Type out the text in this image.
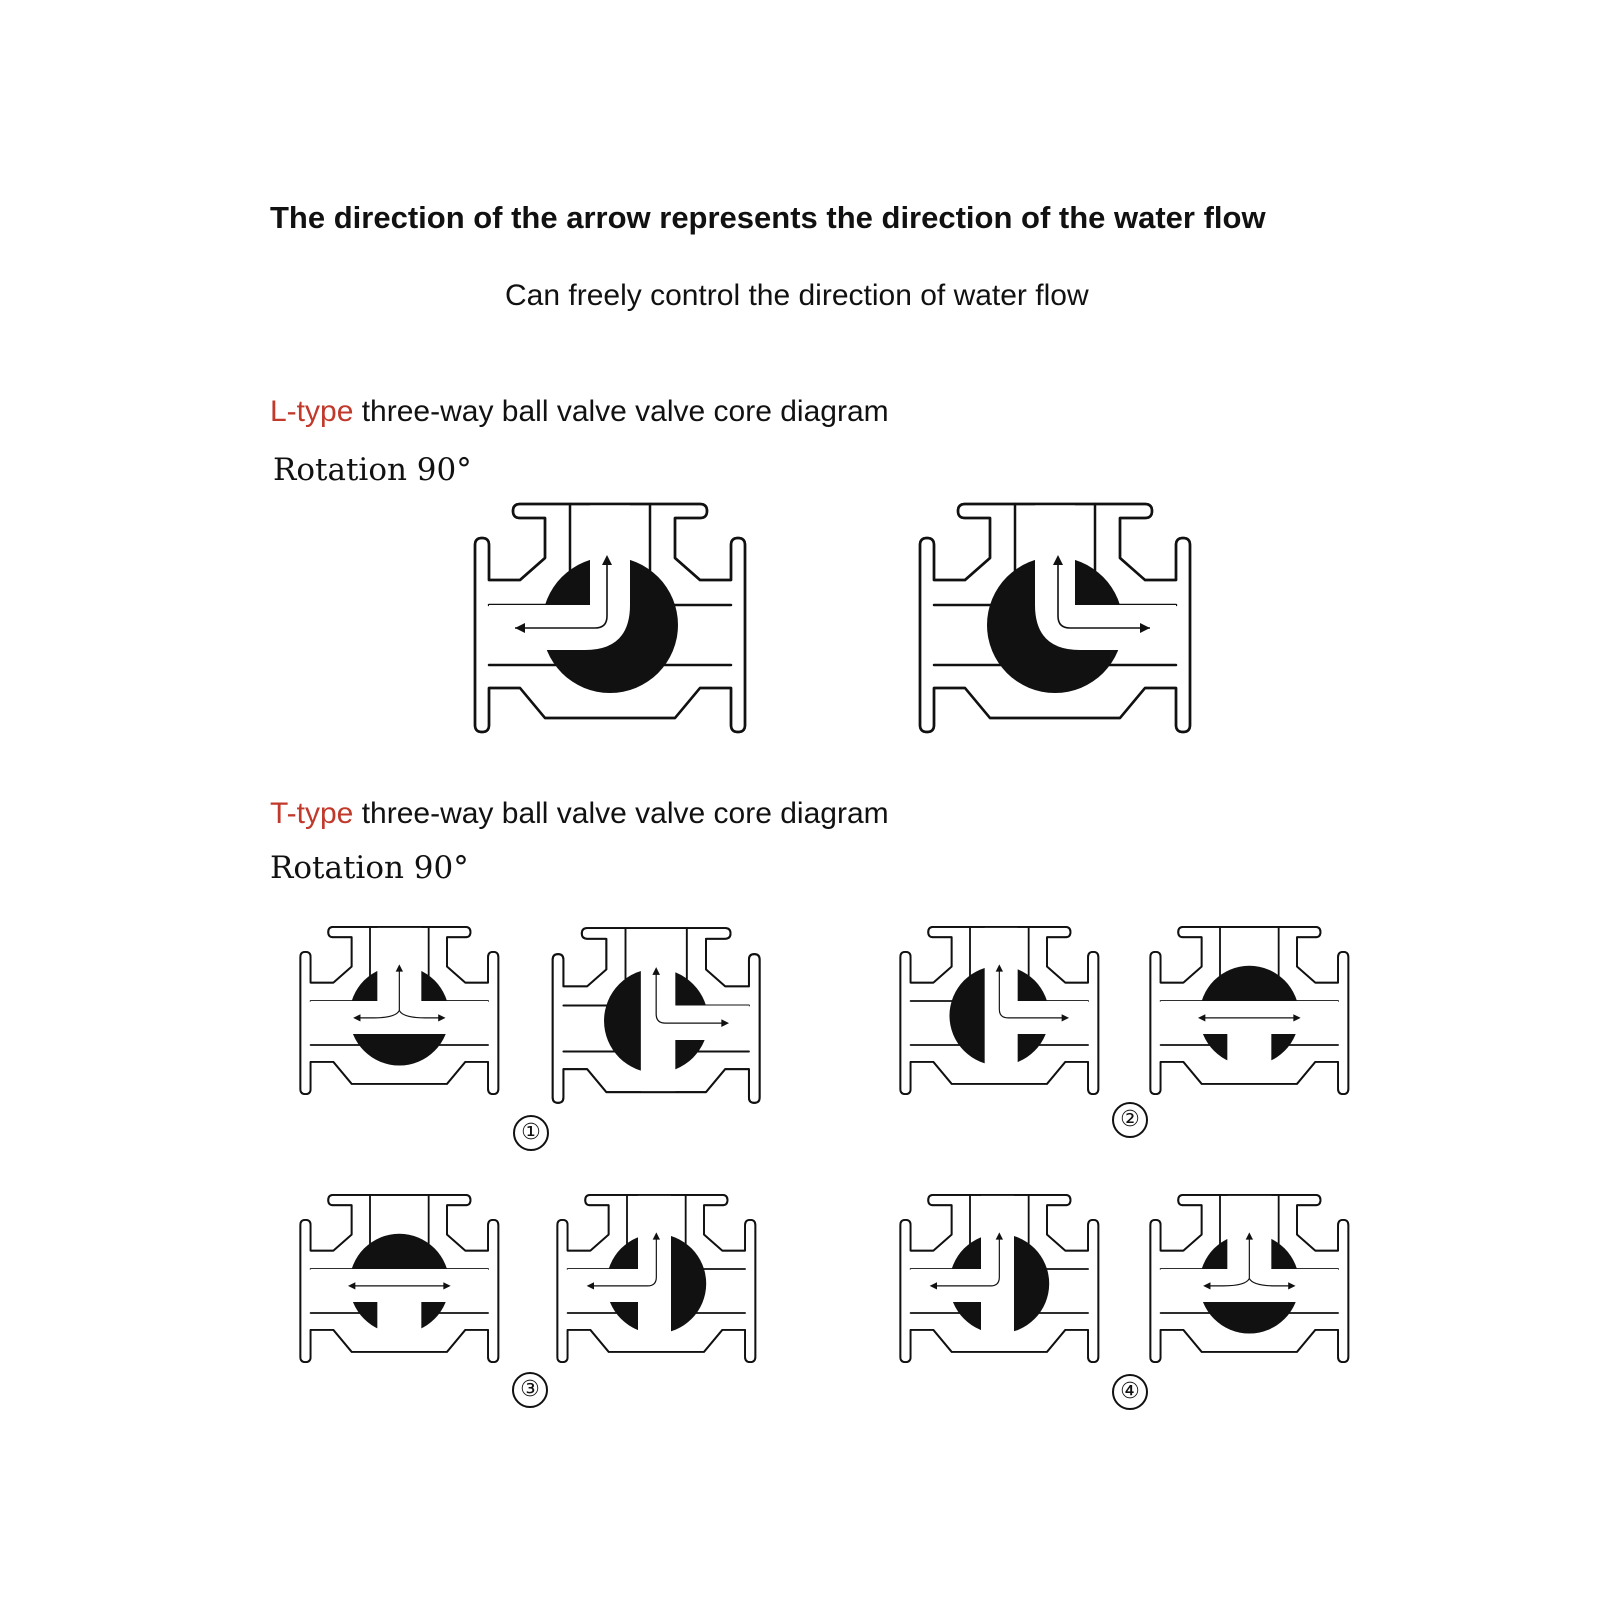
The direction of the arrow represents the direction of the water flow
Can freely control the direction of water flow
L-type three-way ball valve valve core diagram
Rotation 90°
T-type three-way ball valve valve core diagram
Rotation 90°
①
②
③	④
